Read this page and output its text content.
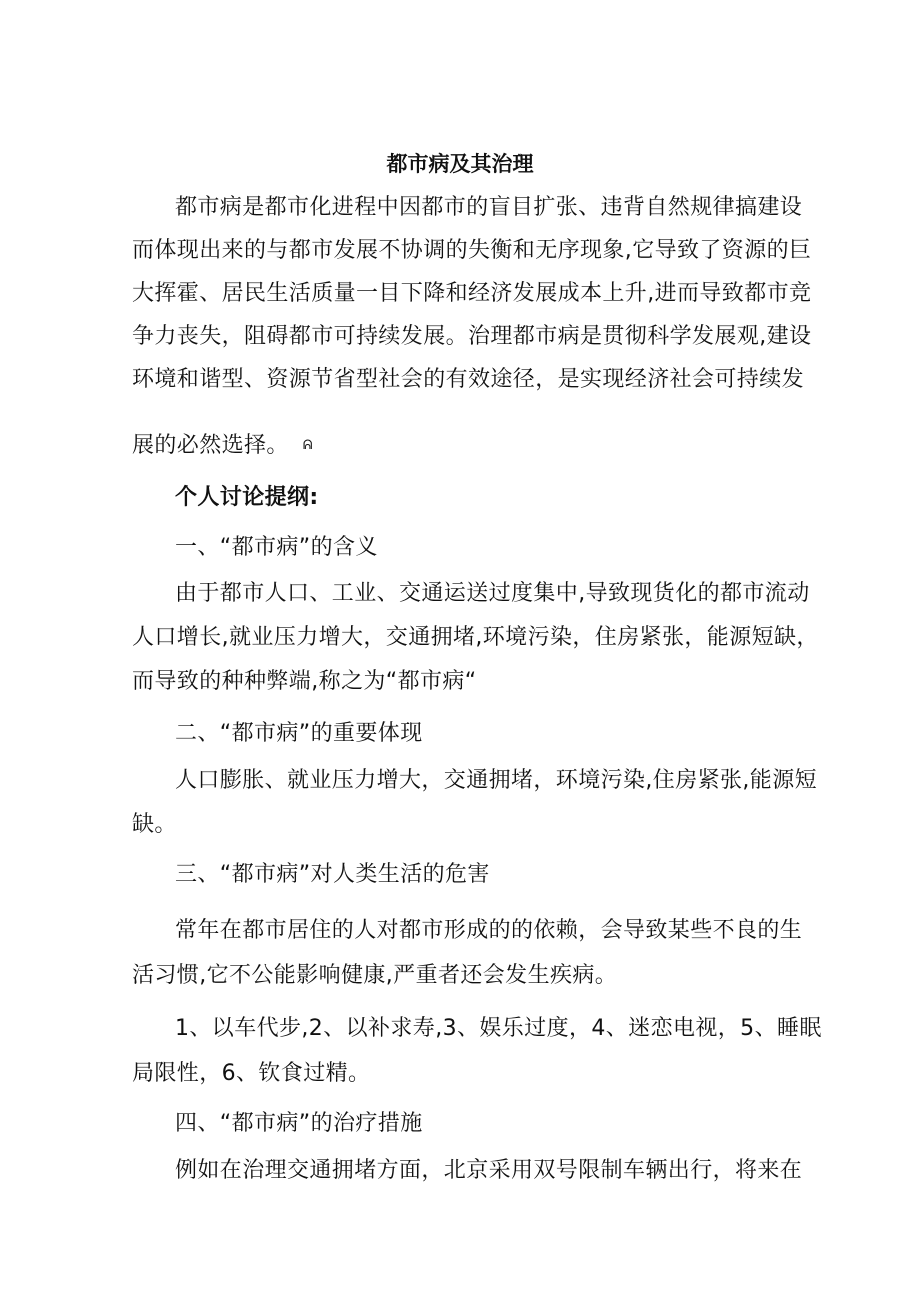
都市病及其治理
都市病是都市化进程中因都市的盲目扩张、违背自然规律搞建设
而体现出来的与都市发展不协调的失衡和无序现象,它导致了资源的巨
大挥霍、居民生活质量一目下降和经济发展成本上升,进而导致都市竞
争力丧失，阻碍都市可持续发展。治理都市病是贯彻科学发展观,建设
环境和谐型、资源节省型社会的有效途径，是实现经济社会可持续发
展的必然选择。 ᕱ
个人讨论提纲:
一、“都市病”的含义
由于都市人口、工业、交通运送过度集中,导致现货化的都市流动
人口增长,就业压力增大，交通拥堵,环境污染，住房紧张，能源短缺，
而导致的种种弊端,称之为“都市病“
二、“都市病”的重要体现
人口膨胀、就业压力增大，交通拥堵，环境污染,住房紧张,能源短
缺。
三、“都市病”对人类生活的危害
常年在都市居住的人对都市形成的的依赖，会导致某些不良的生
活习惯,它不公能影响健康,严重者还会发生疾病。
1、以车代步,2、以补求寿,3、娱乐过度，4、迷恋电视，5、睡眠
局限性，6、钦食过精。
四、“都市病”的治疗措施
例如在治理交通拥堵方面，北京采用双号限制车辆出行，将来在
